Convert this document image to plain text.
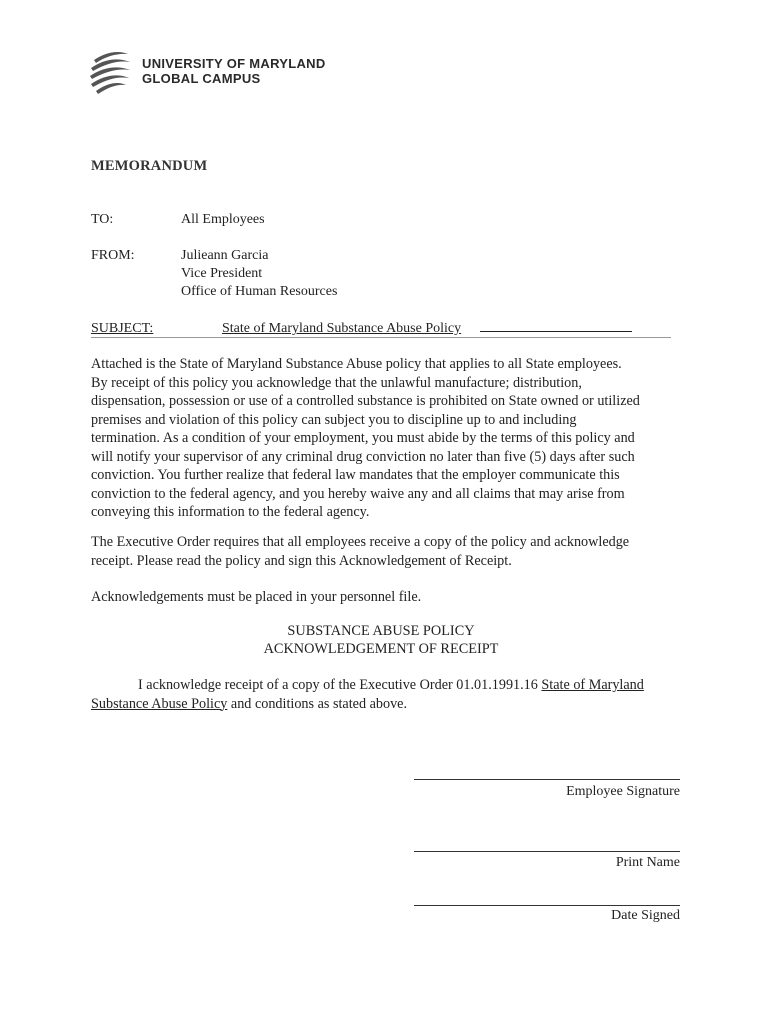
UNIVERSITY OF MARYLAND
GLOBAL CAMPUS
MEMORANDUM
TO:	All Employees
FROM:	Julieann Garcia
Vice President
Office of Human Resources
SUBJECT:	State of Maryland Substance Abuse Policy
Attached is the State of Maryland Substance Abuse policy that applies to all State employees.
By receipt of this policy you acknowledge that the unlawful manufacture; distribution,
dispensation, possession or use of a controlled substance is prohibited on State owned or utilized
premises and violation of this policy can subject you to discipline up to and including
termination. As a condition of your employment, you must abide by the terms of this policy and
will notify your supervisor of any criminal drug conviction no later than five (5) days after such
conviction. You further realize that federal law mandates that the employer communicate this
conviction to the federal agency, and you hereby waive any and all claims that may arise from
conveying this information to the federal agency.
The Executive Order requires that all employees receive a copy of the policy and acknowledge
receipt. Please read the policy and sign this Acknowledgement of Receipt.
Acknowledgements must be placed in your personnel file.
SUBSTANCE ABUSE POLICY
ACKNOWLEDGEMENT OF RECEIPT
I acknowledge receipt of a copy of the Executive Order 01.01.1991.16 State of Maryland
Substance Abuse Policy and conditions as stated above.
Employee Signature
Print Name
Date Signed
